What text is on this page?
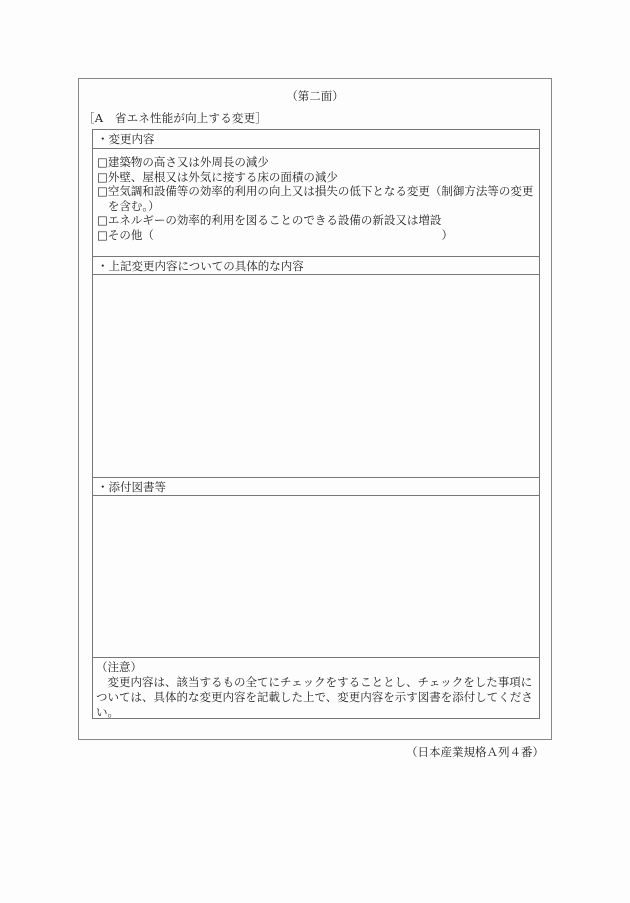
（第二面）
［A　省エネ性能が向上する変更］
・変更内容
□ 建築物の高さ又は外周長の減少
□ 外壁、屋根又は外気に接する床の面積の減少
□ 空気調和設備等の効率的利用の向上又は損失の低下となる変更（制御方法等の変更を含む。）
□ エネルギーの効率的利用を図ることのできる設備の新設又は増設
□ その他（	）
・上記変更内容についての具体的な内容
・添付図書等
（注意）
変更内容は、該当するもの全てにチェックをすることとし、チェックをした事項については、具体的な変更内容を記載した上で、変更内容を示す図書を添付してください。
（日本産業規格Ａ列４番）
